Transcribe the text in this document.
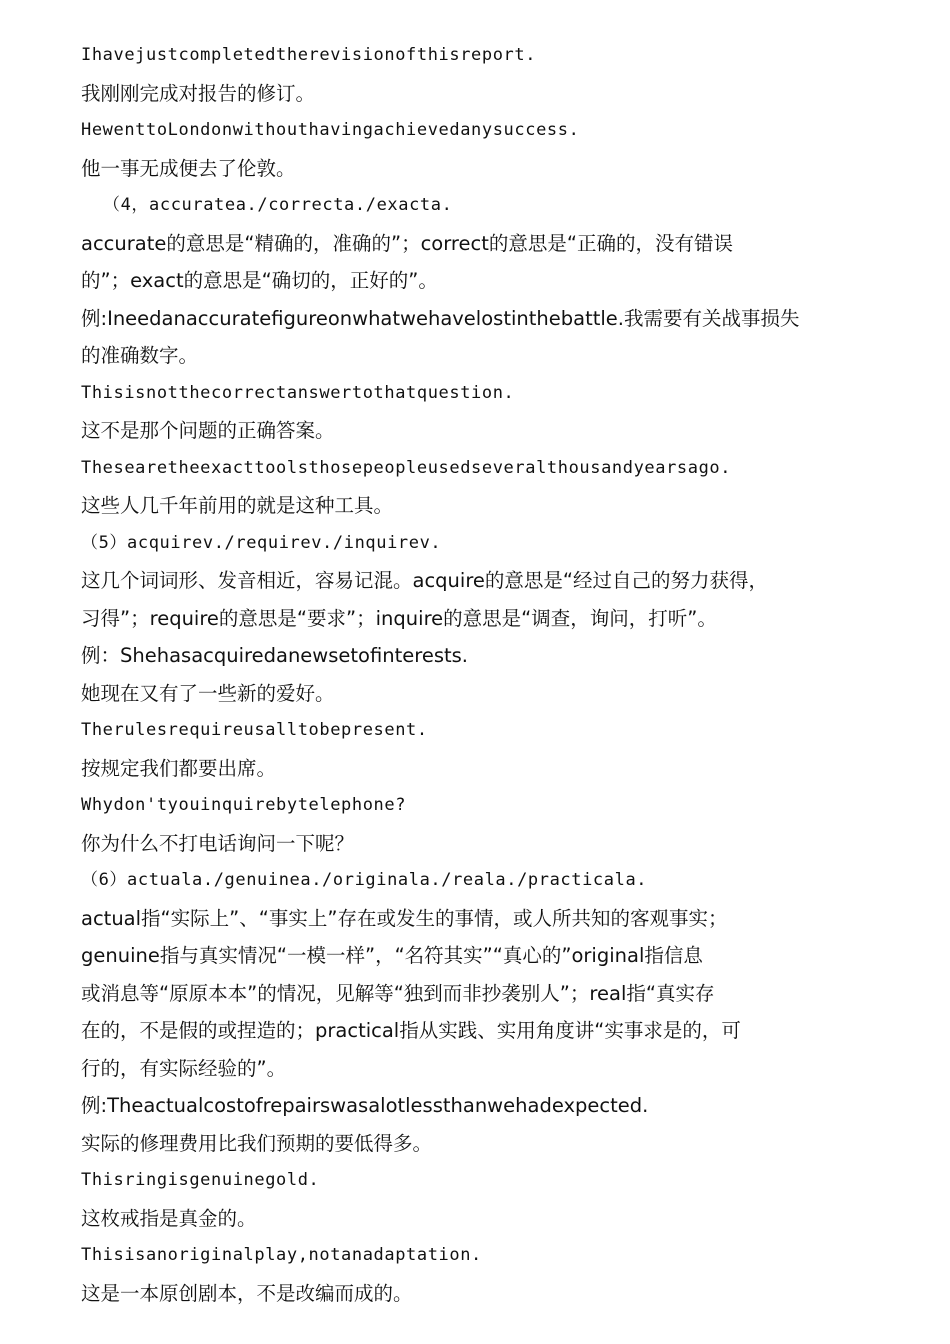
Ihavejustcompletedtherevisionofthisreport.

我刚刚完成对报告的修订。

HewenttoLondonwithouthavingachievedanysuccess.

他一事无成便去了伦敦。

（4，accuratea./correcta./exacta.

accurate的意思是“精确的，准确的”；correct的意思是“正确的，没有错误

的”；exact的意思是“确切的，正好的”。

例:Ineedanaccuratefigureonwhatwehavelostinthebattle.我需要有关战事损失

的准确数字。

Thisisnotthecorrectanswertothatquestion.

这不是那个问题的正确答案。

Thesearetheexacttoolsthosepeopleusedseveralthousandyearsago.

这些人几千年前用的就是这种工具。

（5）acquirev./requirev./inquirev.

这几个词词形、发音相近，容易记混。acquire的意思是“经过自己的努力获得，

习得”；require的意思是“要求”；inquire的意思是“调查，询问，打听”。

例：Shehasacquiredanewsetofinterests.

她现在又有了一些新的爱好。

Therulesrequireusalltobepresent.

按规定我们都要出席。

Whydon'tyouinquirebytelephone?

你为什么不打电话询问一下呢？

（6）actuala./genuinea./originala./reala./practicala.

actual指“实际上”、“事实上”存在或发生的事情，或人所共知的客观事实；

genuine指与真实情况“一模一样”，“名符其实”“真心的”original指信息

或消息等“原原本本”的情况，见解等“独到而非抄袭别人”；real指“真实存

在的，不是假的或捏造的；practical指从实践、实用角度讲“实事求是的，可

行的，有实际经验的”。

例:Theactualcostofrepairswasalotlessthanwehadexpected.

实际的修理费用比我们预期的要低得多。

Thisringisgenuinegold.

这枚戒指是真金的。

Thisisanoriginalplay,notanadaptation.

这是一本原创剧本，不是改编而成的。
